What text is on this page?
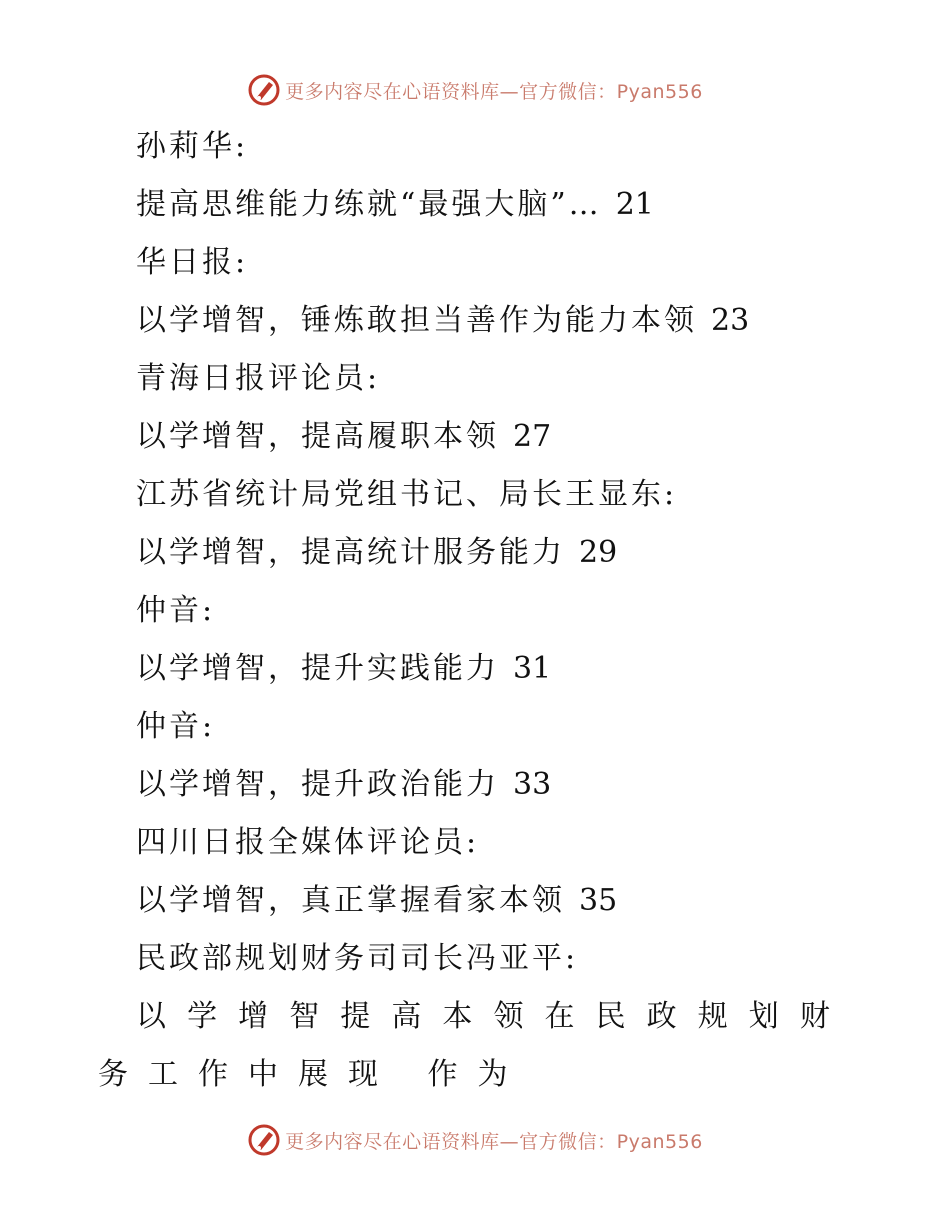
更多内容尽在心语资料库—官方微信：Pyan556
孙莉华:
提高思维能力练就“最强大脑”… 21
华日报:
以学增智，锤炼敢担当善作为能力本领 23
青海日报评论员:
以学增智，提高履职本领 27
江苏省统计局党组书记、局长王显东:
以学增智，提高统计服务能力 29
仲音:
以学增智，提升实践能力 31
仲音:
以学增智，提升政治能力 33
四川日报全媒体评论员:
以学增智，真正掌握看家本领 35
民政部规划财务司司长冯亚平:
以 学 增 智 提 高 本 领 在 民 政 规 划 财
务工作中展现 作为
更多内容尽在心语资料库—官方微信：Pyan556
